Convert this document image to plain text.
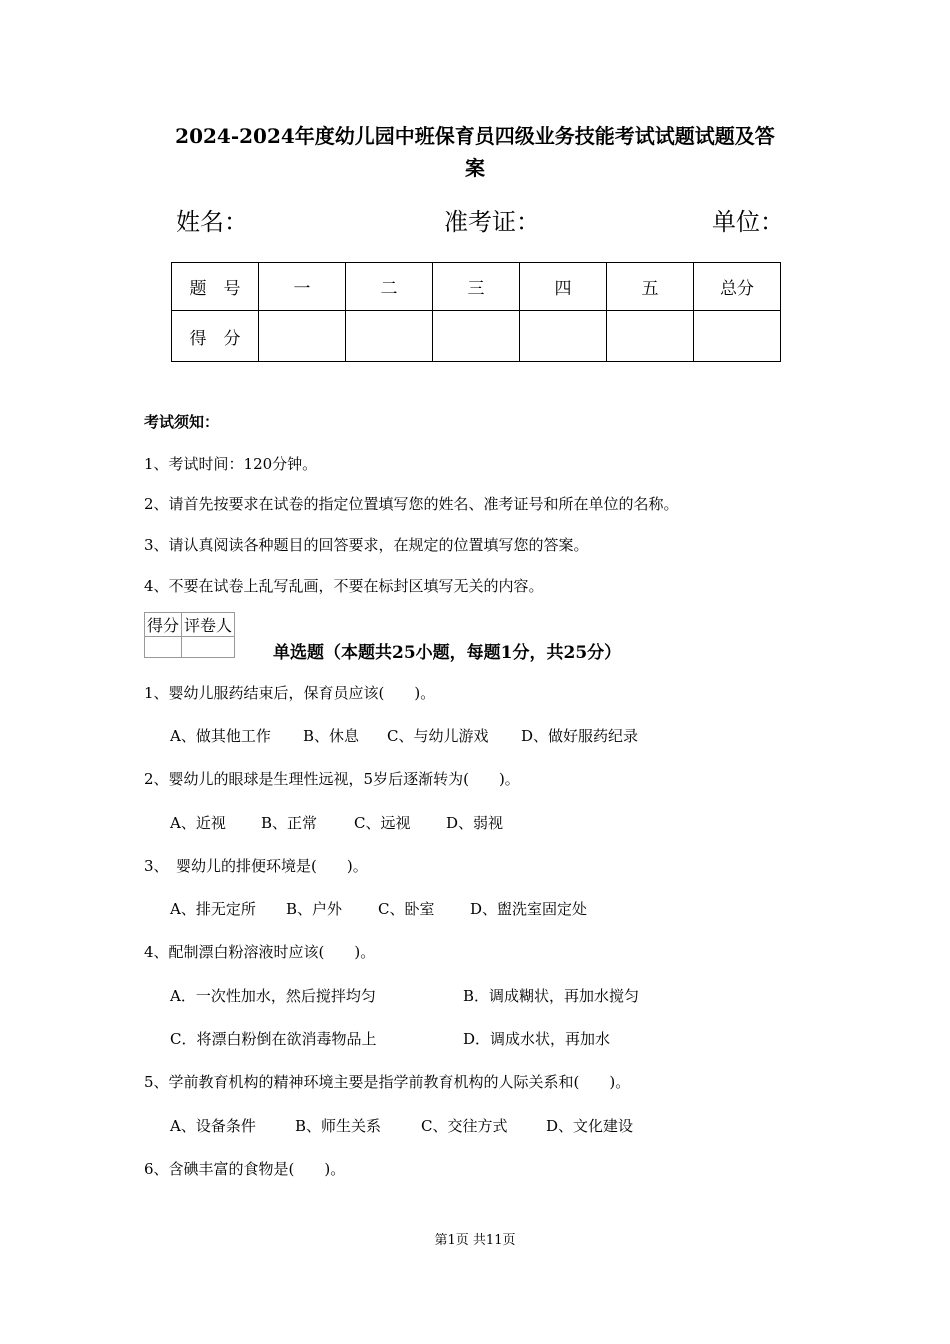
2024-2024年度幼儿园中班保育员四级业务技能考试试题试题及答
案
姓名：	准考证：	单位：
题　号	一	二	三	四	五	总分
得　分						
考试须知：
1、考试时间：120分钟。
2、请首先按要求在试卷的指定位置填写您的姓名、准考证号和所在单位的名称。
3、请认真阅读各种题目的回答要求，在规定的位置填写您的答案。
4、不要在试卷上乱写乱画，不要在标封区填写无关的内容。
得分	评卷人

单选题（本题共25小题，每题1分，共25分）
1、婴幼儿服药结束后，保育员应该(　　)。
A、做其他工作 B、休息 C、与幼儿游戏 D、做好服药纪录
2、婴幼儿的眼球是生理性远视，5岁后逐渐转为(　　)。
A、近视 B、正常 C、远视 D、弱视
3、　婴幼儿的排便环境是(　　)。
A、排无定所 B、户外 C、卧室 D、盥洗室固定处
4、配制漂白粉溶液时应该(　　)。
A．一次性加水，然后搅拌均匀	B．调成糊状，再加水搅匀
C．将漂白粉倒在欲消毒物品上	D．调成水状，再加水
5、学前教育机构的精神环境主要是指学前教育机构的人际关系和(　　)。
A、设备条件	B、师生关系	C、交往方式	D、文化建设
6、含碘丰富的食物是(　　)。
第1页 共11页
